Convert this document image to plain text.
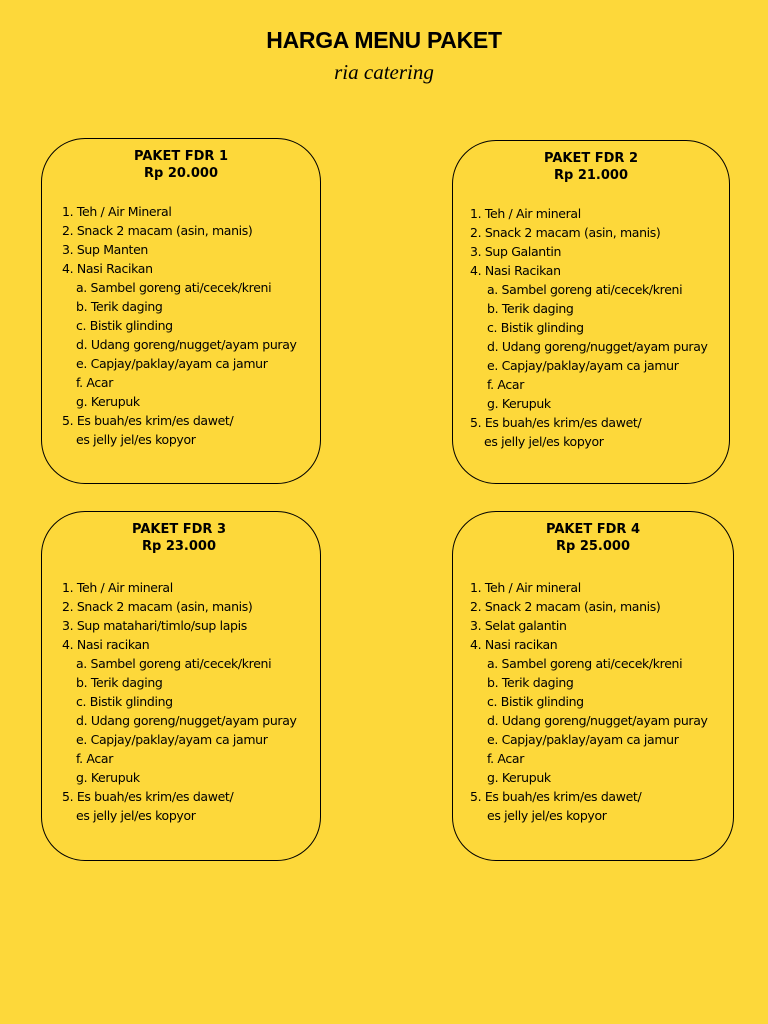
HARGA MENU PAKET
ria catering
PAKET FDR 1
Rp 20.000
1. Teh / Air Mineral
2. Snack 2 macam (asin, manis)
3. Sup Manten
4. Nasi Racikan
a. Sambel goreng ati/cecek/kreni
b. Terik daging
c. Bistik glinding
d. Udang goreng/nugget/ayam puray
e. Capjay/paklay/ayam ca jamur
f. Acar
g. Kerupuk
5. Es buah/es krim/es dawet/
es jelly jel/es kopyor
PAKET FDR 2
Rp 21.000
1. Teh / Air mineral
2. Snack 2 macam (asin, manis)
3. Sup Galantin
4. Nasi Racikan
a. Sambel goreng ati/cecek/kreni
b. Terik daging
c. Bistik glinding
d. Udang goreng/nugget/ayam puray
e. Capjay/paklay/ayam ca jamur
f. Acar
g. Kerupuk
5. Es buah/es krim/es dawet/
es jelly jel/es kopyor
PAKET FDR 3
Rp 23.000
1. Teh / Air mineral
2. Snack 2 macam (asin, manis)
3. Sup matahari/timlo/sup lapis
4. Nasi racikan
a. Sambel goreng ati/cecek/kreni
b. Terik daging
c. Bistik glinding
d. Udang goreng/nugget/ayam puray
e. Capjay/paklay/ayam ca jamur
f. Acar
g. Kerupuk
5. Es buah/es krim/es dawet/
es jelly jel/es kopyor
PAKET FDR 4
Rp 25.000
1. Teh / Air mineral
2. Snack 2 macam (asin, manis)
3. Selat galantin
4. Nasi racikan
a. Sambel goreng ati/cecek/kreni
b. Terik daging
c. Bistik glinding
d. Udang goreng/nugget/ayam puray
e. Capjay/paklay/ayam ca jamur
f. Acar
g. Kerupuk
5. Es buah/es krim/es dawet/
es jelly jel/es kopyor
